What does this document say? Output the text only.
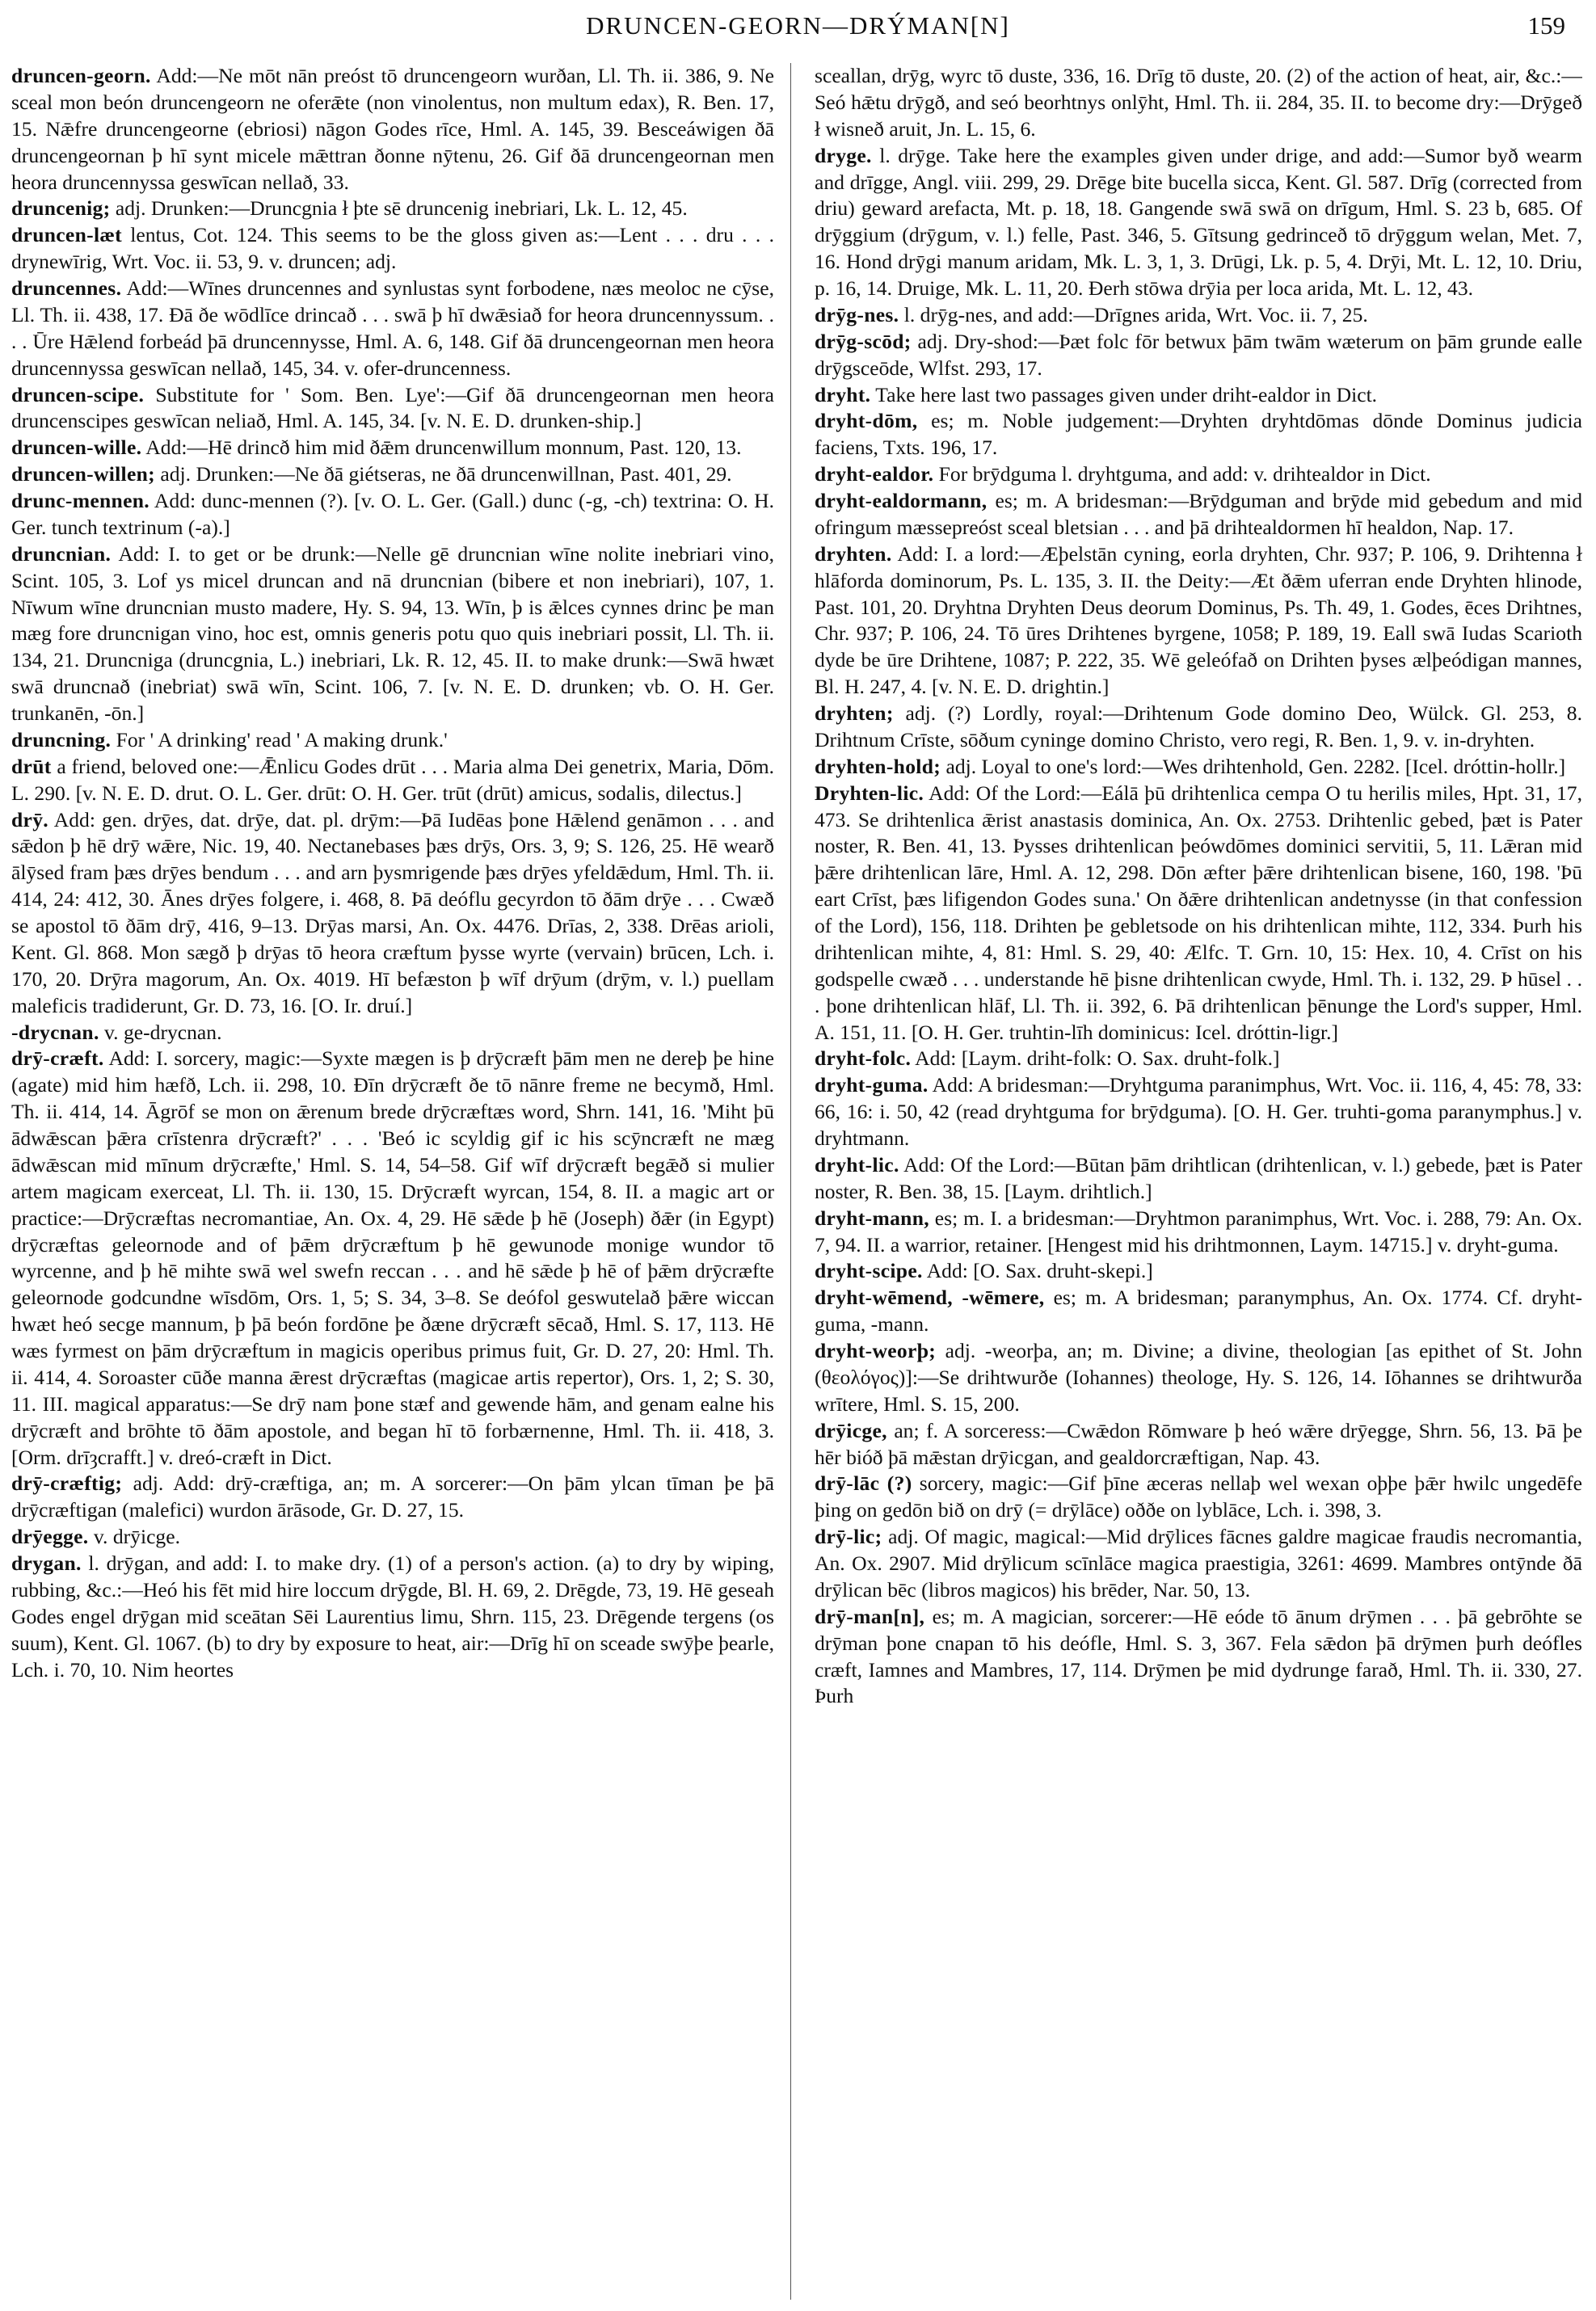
DRUNCEN-GEORN—DRÝMAN[N]	159
druncen-georn. Add:—Ne mōt nān preóst tō druncengeorn wurðan, Ll. Th. ii. 386, 9. Ne sceal mon beón druncengeorn ne oferǣte (non vinolentus, non multum edax), R. Ben. 17, 15. Nǣfre druncengeorne (ebriosi) nāgon Godes rīce, Hml. A. 145, 39. Besceáwigen ðā druncengeornan þ hī synt micele mǣttran ðonne nȳtenu, 26. Gif ðā druncengeornan men heora druncennyssa geswīcan nellað, 33.
druncenig; adj. Drunken:—Druncgnia ł þte sē druncenig inebriari, Lk. L. 12, 45.
druncen-læt lentus, Cot. 124. This seems to be the gloss given as:—Lent . . . dru . . . drynewīrig, Wrt. Voc. ii. 53, 9. v. druncen; adj.
druncennes. Add:—Wīnes druncennes and synlustas synt forbodene, næs meoloc ne cȳse, Ll. Th. ii. 438, 17. Ðā ðe wōdlīce drincað . . . swā þ hī dwǣsiað for heora druncennyssum. . . . Ūre Hǣlend forbeád þā druncennysse, Hml. A. 6, 148. Gif ðā druncengeornan men heora druncennyssa geswīcan nellað, 145, 34. v. ofer-druncenness.
druncen-scipe. Substitute for ' Som. Ben. Lye':—Gif ðā druncengeornan men heora druncenscipes geswīcan neliað, Hml. A. 145, 34. [v. N. E. D. drunken-ship.]
druncen-wille. Add:—Hē drincð him mid ðǣm druncenwillum monnum, Past. 120, 13.
druncen-willen; adj. Drunken:—Ne ðā giétseras, ne ðā druncenwillnan, Past. 401, 29.
drunc-mennen. Add: dunc-mennen (?). [v. O. L. Ger. (Gall.) dunc (-g, -ch) textrina: O. H. Ger. tunch textrinum (-a).]
druncnian. Add: I. to get or be drunk:—Nelle gē druncnian wīne nolite inebriari vino, Scint. 105, 3. Lof ys micel druncan and nā druncnian (bibere et non inebriari), 107, 1. Nīwum wīne druncnian musto madere, Hy. S. 94, 13. Wīn, þ is ǣlces cynnes drinc þe man mæg fore druncnigan vino, hoc est, omnis generis potu quo quis inebriari possit, Ll. Th. ii. 134, 21. Druncniga (druncgnia, L.) inebriari, Lk. R. 12, 45. II. to make drunk:—Swā hwæt swā druncnað (inebriat) swā wīn, Scint. 106, 7. [v. N. E. D. drunken; vb. O. H. Ger. trunkanēn, -ōn.]
druncning. For ' A drinking' read ' A making drunk.'
drūt a friend, beloved one:—Ǣnlicu Godes drūt . . . Maria alma Dei genetrix, Maria, Dōm. L. 290. [v. N. E. D. drut. O. L. Ger. drūt: O. H. Ger. trūt (drūt) amicus, sodalis, dilectus.]
drȳ. Add: gen. drȳes, dat. drȳe, dat. pl. drȳm:—Þā Iudēas þone Hǣlend genāmon . . . and sǣdon þ hē drȳ wǣre, Nic. 19, 40. Nectanebases þæs drȳs, Ors. 3, 9; S. 126, 25. Hē wearð ālȳsed fram þæs drȳes bendum . . . and arn þysmrigende þæs drȳes yfeldǣdum, Hml. Th. ii. 414, 24: 412, 30. Ānes drȳes folgere, i. 468, 8. Þā deóflu gecyrdon tō ðām drȳe . . . Cwæð se apostol tō ðām drȳ, 416, 9–13. Drȳas marsi, An. Ox. 4476. Drīas, 2, 338. Drēas arioli, Kent. Gl. 868. Mon sægð þ drȳas tō heora cræftum þysse wyrte (vervain) brūcen, Lch. i. 170, 20. Drȳra magorum, An. Ox. 4019. Hī befæston þ wīf drȳum (drȳm, v. l.) puellam maleficis tradiderunt, Gr. D. 73, 16. [O. Ir. druí.]
-drycnan. v. ge-drycnan.
drȳ-cræft. Add: I. sorcery, magic:—Syxte mægen is þ drȳcræft þām men ne dereþ þe hine (agate) mid him hæfð, Lch. ii. 298, 10. Ðīn drȳcræft ðe tō nānre freme ne becymð, Hml. Th. ii. 414, 14. Āgrōf se mon on ǣrenum brede drȳcræftæs word, Shrn. 141, 16. 'Miht þū ādwǣscan þǣra crīstenra drȳcræft?' . . . 'Beó ic scyldig gif ic his scȳncræft ne mæg ādwǣscan mid mīnum drȳcræfte,' Hml. S. 14, 54–58. Gif wīf drȳcræft begǣð si mulier artem magicam exerceat, Ll. Th. ii. 130, 15. Drȳcræft wyrcan, 154, 8. II. a magic art or practice:—Drȳcræftas necromantiae, An. Ox. 4, 29. Hē sǣde þ hē (Joseph) ðǣr (in Egypt) drȳcræftas geleornode and of þǣm drȳcræftum þ hē gewunode monige wundor tō wyrcenne, and þ hē mihte swā wel swefn reccan . . . and hē sǣde þ hē of þǣm drȳcræfte geleornode godcundne wīsdōm, Ors. 1, 5; S. 34, 3–8. Se deófol geswutelað þǣre wiccan hwæt heó secge mannum, þ þā beón fordōne þe ðæne drȳcræft sēcað, Hml. S. 17, 113. Hē wæs fyrmest on þām drȳcræftum in magicis operibus primus fuit, Gr. D. 27, 20: Hml. Th. ii. 414, 4. Soroaster cūðe manna ǣrest drȳcræftas (magicae artis repertor), Ors. 1, 2; S. 30, 11. III. magical apparatus:—Se drȳ nam þone stæf and gewende hām, and genam ealne his drȳcræft and brōhte tō ðām apostole, and began hī tō forbærnenne, Hml. Th. ii. 418, 3. [Orm. drīȝcrafft.] v. dreó-cræft in Dict.
drȳ-cræftig; adj. Add: drȳ-cræftiga, an; m. A sorcerer:—On þām ylcan tīman þe þā drȳcræftigan (malefici) wurdon ārāsode, Gr. D. 27, 15.
drȳegge. v. drȳicge.
drygan. l. drȳgan, and add: I. to make dry. (1) of a person's action. (a) to dry by wiping, rubbing, &c.:—Heó his fēt mid hire loccum drȳgde, Bl. H. 69, 2. Drēgde, 73, 19. Hē geseah Godes engel drȳgan mid sceātan Sēi Laurentius limu, Shrn. 115, 23. Drēgende tergens (os suum), Kent. Gl. 1067. (b) to dry by exposure to heat, air:—Drīg hī on sceade swȳþe þearle, Lch. i. 70, 10. Nim heortes
sceallan, drȳg, wyrc tō duste, 336, 16. Drīg tō duste, 20. (2) of the action of heat, air, &c.:—Seó hǣtu drȳgð, and seó beorhtnys onlȳht, Hml. Th. ii. 284, 35. II. to become dry:—Drȳgeð ł wisneð aruit, Jn. L. 15, 6.
dryge. l. drȳge. Take here the examples given under drige, and add:—Sumor byð wearm and drīgge, Angl. viii. 299, 29. Drēge bite bucella sicca, Kent. Gl. 587. Drīg (corrected from driu) geward arefacta, Mt. p. 18, 18. Gangende swā swā on drīgum, Hml. S. 23 b, 685. Of drȳggium (drȳgum, v. l.) felle, Past. 346, 5. Gītsung gedrinceð tō drȳggum welan, Met. 7, 16. Hond drȳgi manum aridam, Mk. L. 3, 1, 3. Drūgi, Lk. p. 5, 4. Drȳi, Mt. L. 12, 10. Driu, p. 16, 14. Druige, Mk. L. 11, 20. Ðerh stōwa drȳia per loca arida, Mt. L. 12, 43.
drȳg-nes. l. drȳg-nes, and add:—Drīgnes arida, Wrt. Voc. ii. 7, 25.
drȳg-scōd; adj. Dry-shod:—Þæt folc fōr betwux þām twām wæterum on þām grunde ealle drȳgsceōde, Wlfst. 293, 17.
dryht. Take here last two passages given under driht-ealdor in Dict.
dryht-dōm, es; m. Noble judgement:—Dryhten dryhtdōmas dōnde Dominus judicia faciens, Txts. 196, 17.
dryht-ealdor. For brȳdguma l. dryhtguma, and add: v. drihtealdor in Dict.
dryht-ealdormann, es; m. A bridesman:—Brȳdguman and brȳde mid gebedum and mid ofringum mæssepreóst sceal bletsian . . . and þā drihtealdormen hī healdon, Nap. 17.
dryhten. Add: I. a lord:—Æþelstān cyning, eorla dryhten, Chr. 937; P. 106, 9. Drihtenna ł hlāforda dominorum, Ps. L. 135, 3. II. the Deity:—Æt ðǣm uferran ende Dryhten hlinode, Past. 101, 20. Dryhtna Dryhten Deus deorum Dominus, Ps. Th. 49, 1. Godes, ēces Drihtnes, Chr. 937; P. 106, 24. Tō ūres Drihtenes byrgene, 1058; P. 189, 19. Eall swā Iudas Scarioth dyde be ūre Drihtene, 1087; P. 222, 35. Wē geleófað on Drihten þyses ælþeódigan mannes, Bl. H. 247, 4. [v. N. E. D. drightin.]
dryhten; adj. (?) Lordly, royal:—Drihtenum Gode domino Deo, Wülck. Gl. 253, 8. Drihtnum Crīste, sōðum cyninge domino Christo, vero regi, R. Ben. 1, 9. v. in-dryhten.
dryhten-hold; adj. Loyal to one's lord:—Wes drihtenhold, Gen. 2282. [Icel. dróttin-hollr.]
Dryhten-lic. Add: Of the Lord:—Eálā þū drihtenlica cempa O tu herilis miles, Hpt. 31, 17, 473. Se drihtenlica ǣrist anastasis dominica, An. Ox. 2753. Drihtenlic gebed, þæt is Pater noster, R. Ben. 41, 13. Þysses drihtenlican þeówdōmes dominici servitii, 5, 11. Lǣran mid þǣre drihtenlican lāre, Hml. A. 12, 298. Dōn æfter þǣre drihtenlican bisene, 160, 198. 'Þū eart Crīst, þæs lifigendon Godes suna.' On ðǣre drihtenlican andetnysse (in that confession of the Lord), 156, 118. Drihten þe gebletsode on his drihtenlican mihte, 112, 334. Þurh his drihtenlican mihte, 4, 81: Hml. S. 29, 40: Ælfc. T. Grn. 10, 15: Hex. 10, 4. Crīst on his godspelle cwæð . . . understande hē þisne drihtenlican cwyde, Hml. Th. i. 132, 29. Þ hūsel . . . þone drihtenlican hlāf, Ll. Th. ii. 392, 6. Þā drihtenlican þēnunge the Lord's supper, Hml. A. 151, 11. [O. H. Ger. truhtin-līh dominicus: Icel. dróttin-ligr.]
dryht-folc. Add: [Laym. driht-folk: O. Sax. druht-folk.]
dryht-guma. Add: A bridesman:—Dryhtguma paranimphus, Wrt. Voc. ii. 116, 4, 45: 78, 33: 66, 16: i. 50, 42 (read dryhtguma for brȳdguma). [O. H. Ger. truhti-goma paranymphus.] v. dryhtmann.
dryht-lic. Add: Of the Lord:—Būtan þām drihtlican (drihtenlican, v. l.) gebede, þæt is Pater noster, R. Ben. 38, 15. [Laym. drihtlich.]
dryht-mann, es; m. I. a bridesman:—Dryhtmon paranimphus, Wrt. Voc. i. 288, 79: An. Ox. 7, 94. II. a warrior, retainer. [Hengest mid his drihtmonnen, Laym. 14715.] v. dryht-guma.
dryht-scipe. Add: [O. Sax. druht-skepi.]
dryht-wēmend, -wēmere, es; m. A bridesman; paranymphus, An. Ox. 1774. Cf. dryht-guma, -mann.
dryht-weorþ; adj. -weorþa, an; m. Divine; a divine, theologian [as epithet of St. John (θεολόγος)]:—Se drihtwurðe (Iohannes) theologe, Hy. S. 126, 14. Iōhannes se drihtwurða wrītere, Hml. S. 15, 200.
drȳicge, an; f. A sorceress:—Cwǣdon Rōmware þ heó wǣre drȳegge, Shrn. 56, 13. Þā þe hēr bióð þā mǣstan drȳicgan, and gealdorcræftigan, Nap. 43.
drȳ-lāc (?) sorcery, magic:—Gif þīne æceras nellaþ wel wexan oþþe þǣr hwilc ungedēfe þing on gedōn bið on drȳ (= drȳlāce) oððe on lyblāce, Lch. i. 398, 3.
drȳ-lic; adj. Of magic, magical:—Mid drȳlices fācnes galdre magicae fraudis necromantia, An. Ox. 2907. Mid drȳlicum scīnlāce magica praestigia, 3261: 4699. Mambres ontȳnde ðā drȳlican bēc (libros magicos) his brēder, Nar. 50, 13.
drȳ-man[n], es; m. A magician, sorcerer:—Hē eóde tō ānum drȳmen . . . þā gebrōhte se drȳman þone cnapan tō his deófle, Hml. S. 3, 367. Fela sǣdon þā drȳmen þurh deófles cræft, Iamnes and Mambres, 17, 114. Drȳmen þe mid dydrunge farað, Hml. Th. ii. 330, 27. Þurh
